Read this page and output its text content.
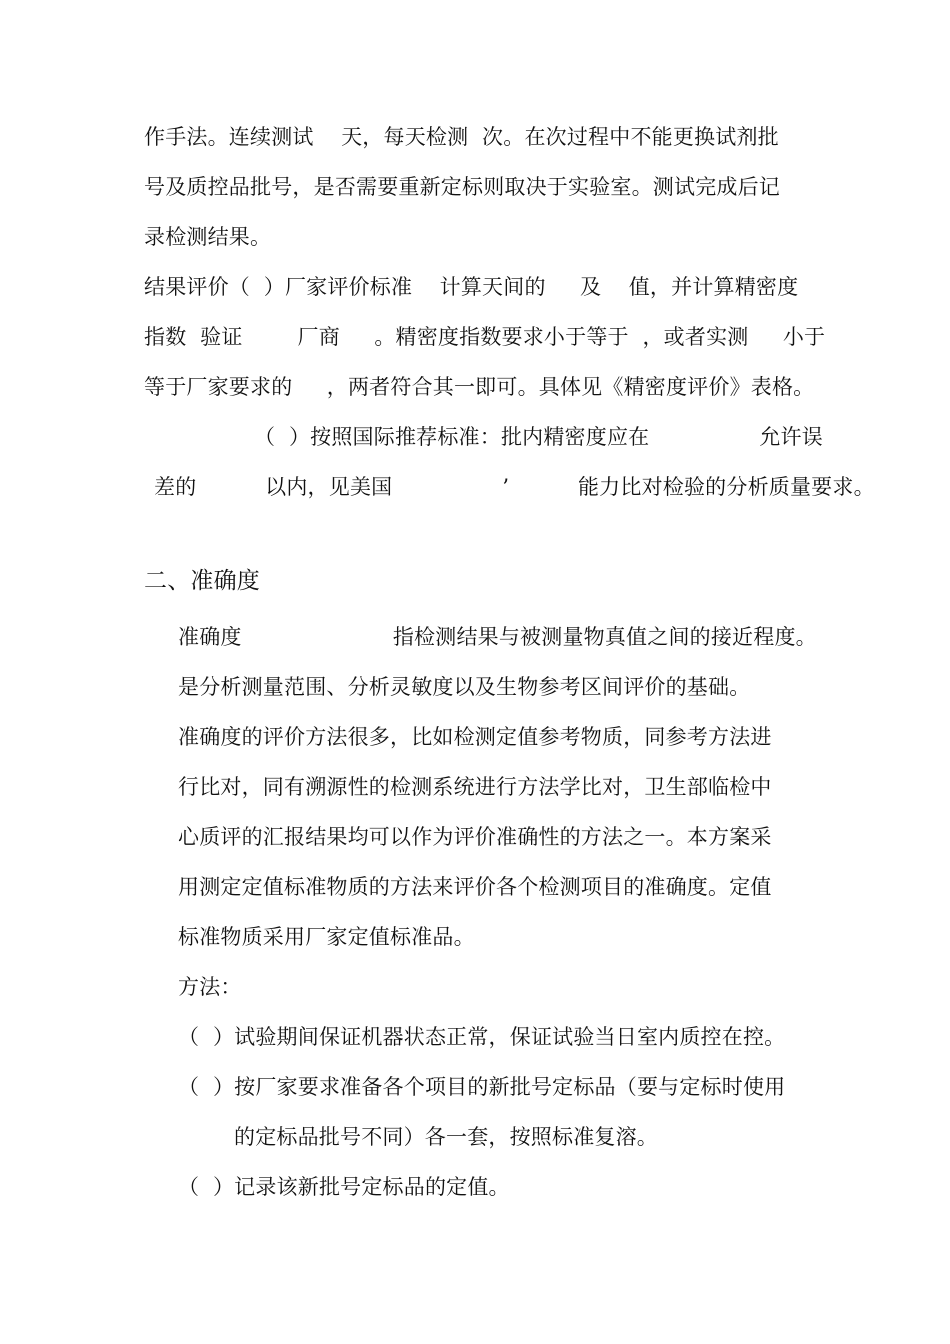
作手法。连续测试    天，每天检测  次。在次过程中不能更换试剂批
号及质控品批号，是否需要重新定标则取决于实验室。测试完成后记
录检测结果。
结果评价（  ）厂家评价标准    计算天间的     及    值，并计算精密度
指数  验证        厂商     。精密度指数要求小于等于  ，或者实测     小于
等于厂家要求的     ，两者符合其一即可。具体见《精密度评价》表格。
（  ）按照国际推荐标准：批内精密度应在                允许误
差的          以内，见美国                ’          能力比对检验的分析质量要求。
二、准确度
准确度                      指检测结果与被测量物真值之间的接近程度。
是分析测量范围、分析灵敏度以及生物参考区间评价的基础。
准确度的评价方法很多，比如检测定值参考物质，同参考方法进
行比对，同有溯源性的检测系统进行方法学比对，卫生部临检中
心质评的汇报结果均可以作为评价准确性的方法之一。本方案采
用测定定值标准物质的方法来评价各个检测项目的准确度。定值
标准物质采用厂家定值标准品。
方法：
（  ）试验期间保证机器状态正常，保证试验当日室内质控在控。
（  ）按厂家要求准备各个项目的新批号定标品（要与定标时使用
的定标品批号不同）各一套，按照标准复溶。
（  ）记录该新批号定标品的定值。
